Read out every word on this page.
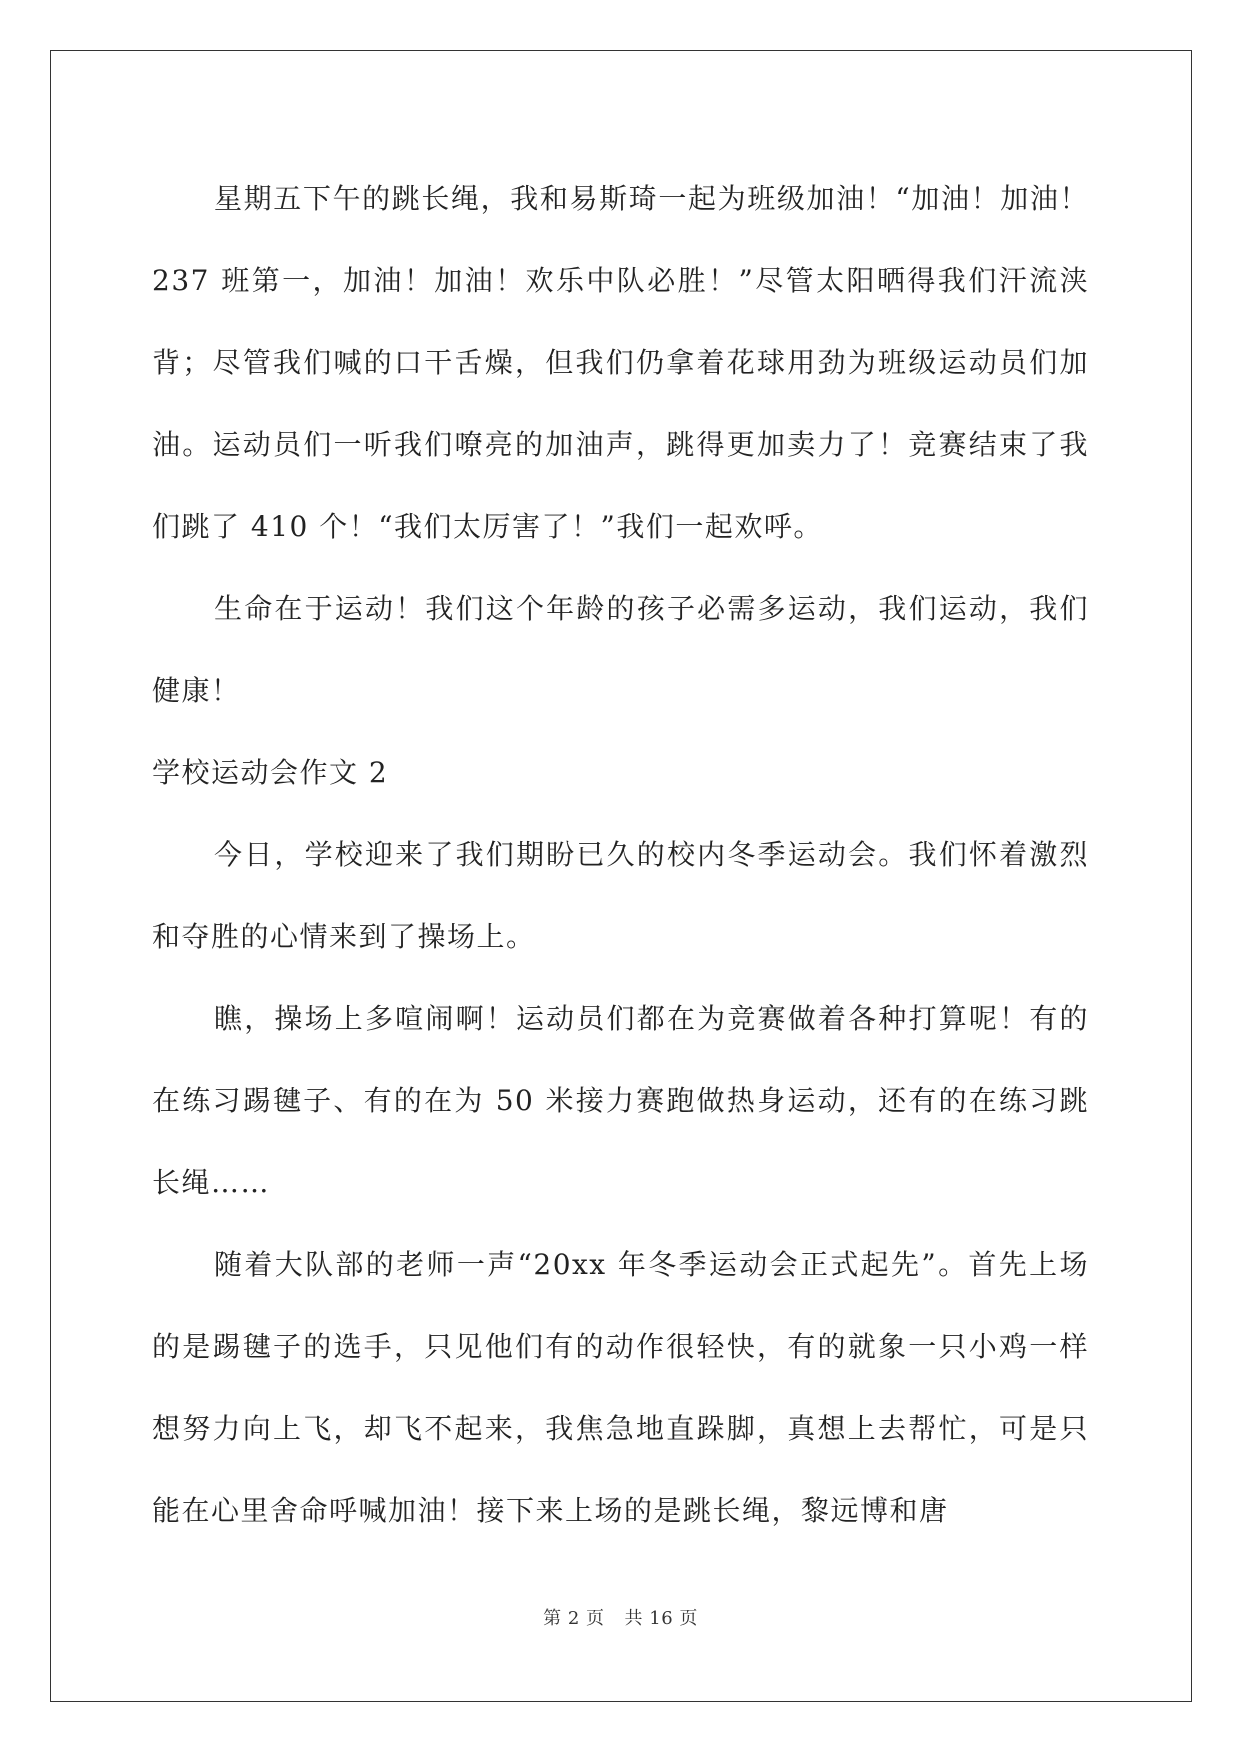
星期五下午的跳长绳，我和易斯琦一起为班级加油！“加油！加油！237 班第一，加油！加油！欢乐中队必胜！”尽管太阳晒得我们汗流浃背；尽管我们喊的口干舌燥，但我们仍拿着花球用劲为班级运动员们加油。运动员们一听我们嘹亮的加油声，跳得更加卖力了！竞赛结束了我们跳了 410 个！“我们太厉害了！”我们一起欢呼。

生命在于运动！我们这个年龄的孩子必需多运动，我们运动，我们健康！

学校运动会作文 2

今日，学校迎来了我们期盼已久的校内冬季运动会。我们怀着激烈和夺胜的心情来到了操场上。

瞧，操场上多喧闹啊！运动员们都在为竞赛做着各种打算呢！有的在练习踢毽子、有的在为 50 米接力赛跑做热身运动，还有的在练习跳长绳……

随着大队部的老师一声“20xx 年冬季运动会正式起先”。首先上场的是踢毽子的选手，只见他们有的动作很轻快，有的就象一只小鸡一样想努力向上飞，却飞不起来，我焦急地直跺脚，真想上去帮忙，可是只能在心里舍命呼喊加油！接下来上场的是跳长绳，黎远博和唐

第 2 页 共 16 页
